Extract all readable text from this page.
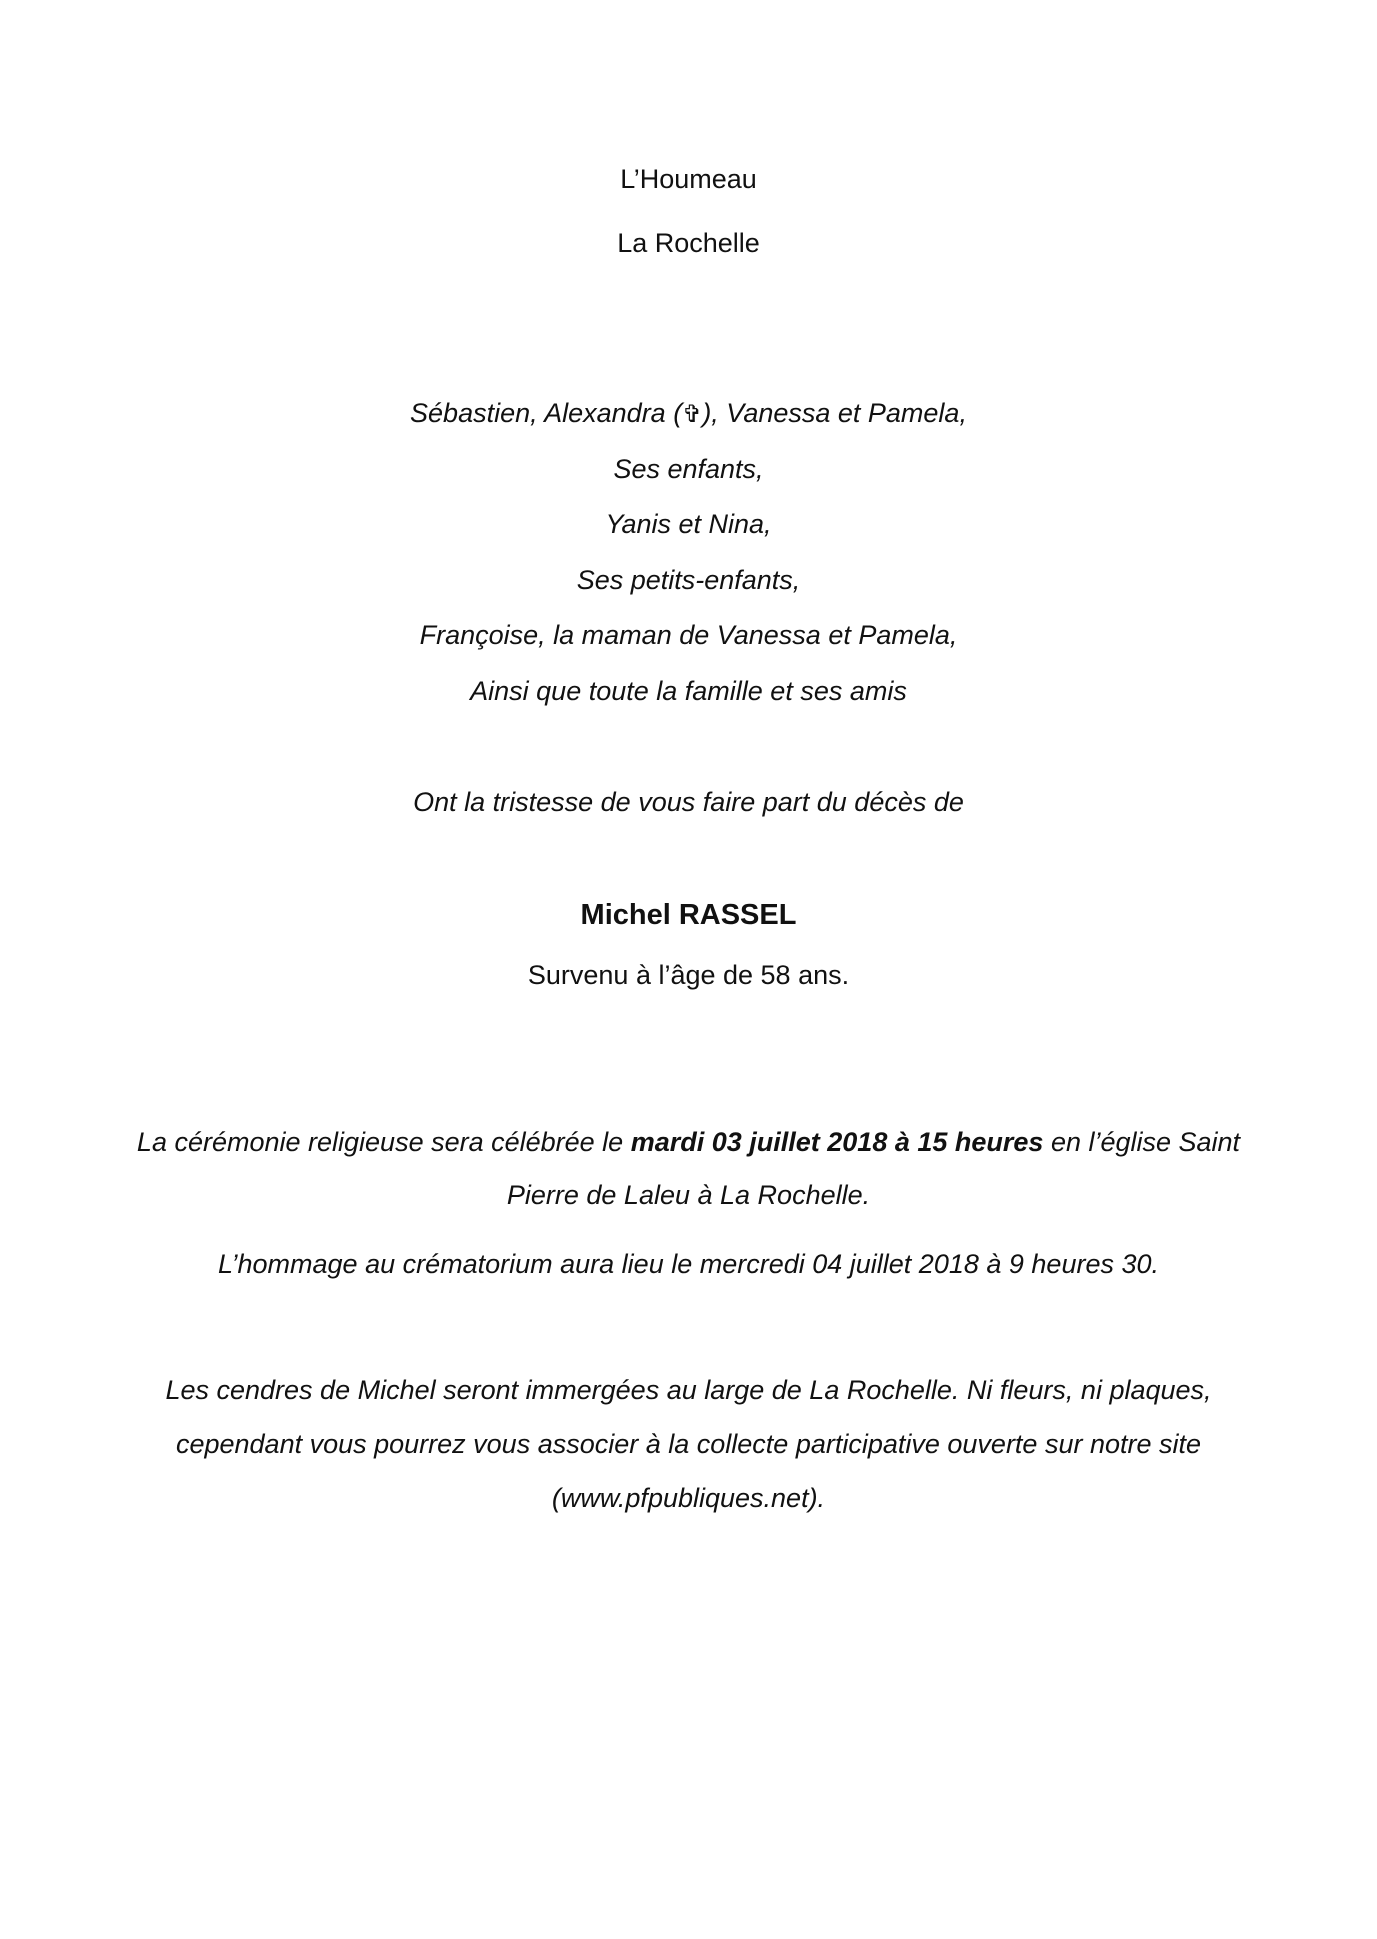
L’Houmeau
La Rochelle
Sébastien, Alexandra (✞), Vanessa et Pamela,
Ses enfants,
Yanis et Nina,
Ses petits-enfants,
Françoise, la maman de Vanessa et Pamela,
Ainsi que toute la famille et ses amis
Ont la tristesse de vous faire part du décès de
Michel RASSEL
Survenu à l’âge de 58 ans.
La cérémonie religieuse sera célébrée le mardi 03 juillet 2018 à 15 heures en l’église Saint
Pierre de Laleu à La Rochelle.
L’hommage au crématorium aura lieu le mercredi 04 juillet 2018 à 9 heures 30.
Les cendres de Michel seront immergées au large de La Rochelle. Ni fleurs, ni plaques,
cependant vous pourrez vous associer à la collecte participative ouverte sur notre site
(www.pfpubliques.net).
